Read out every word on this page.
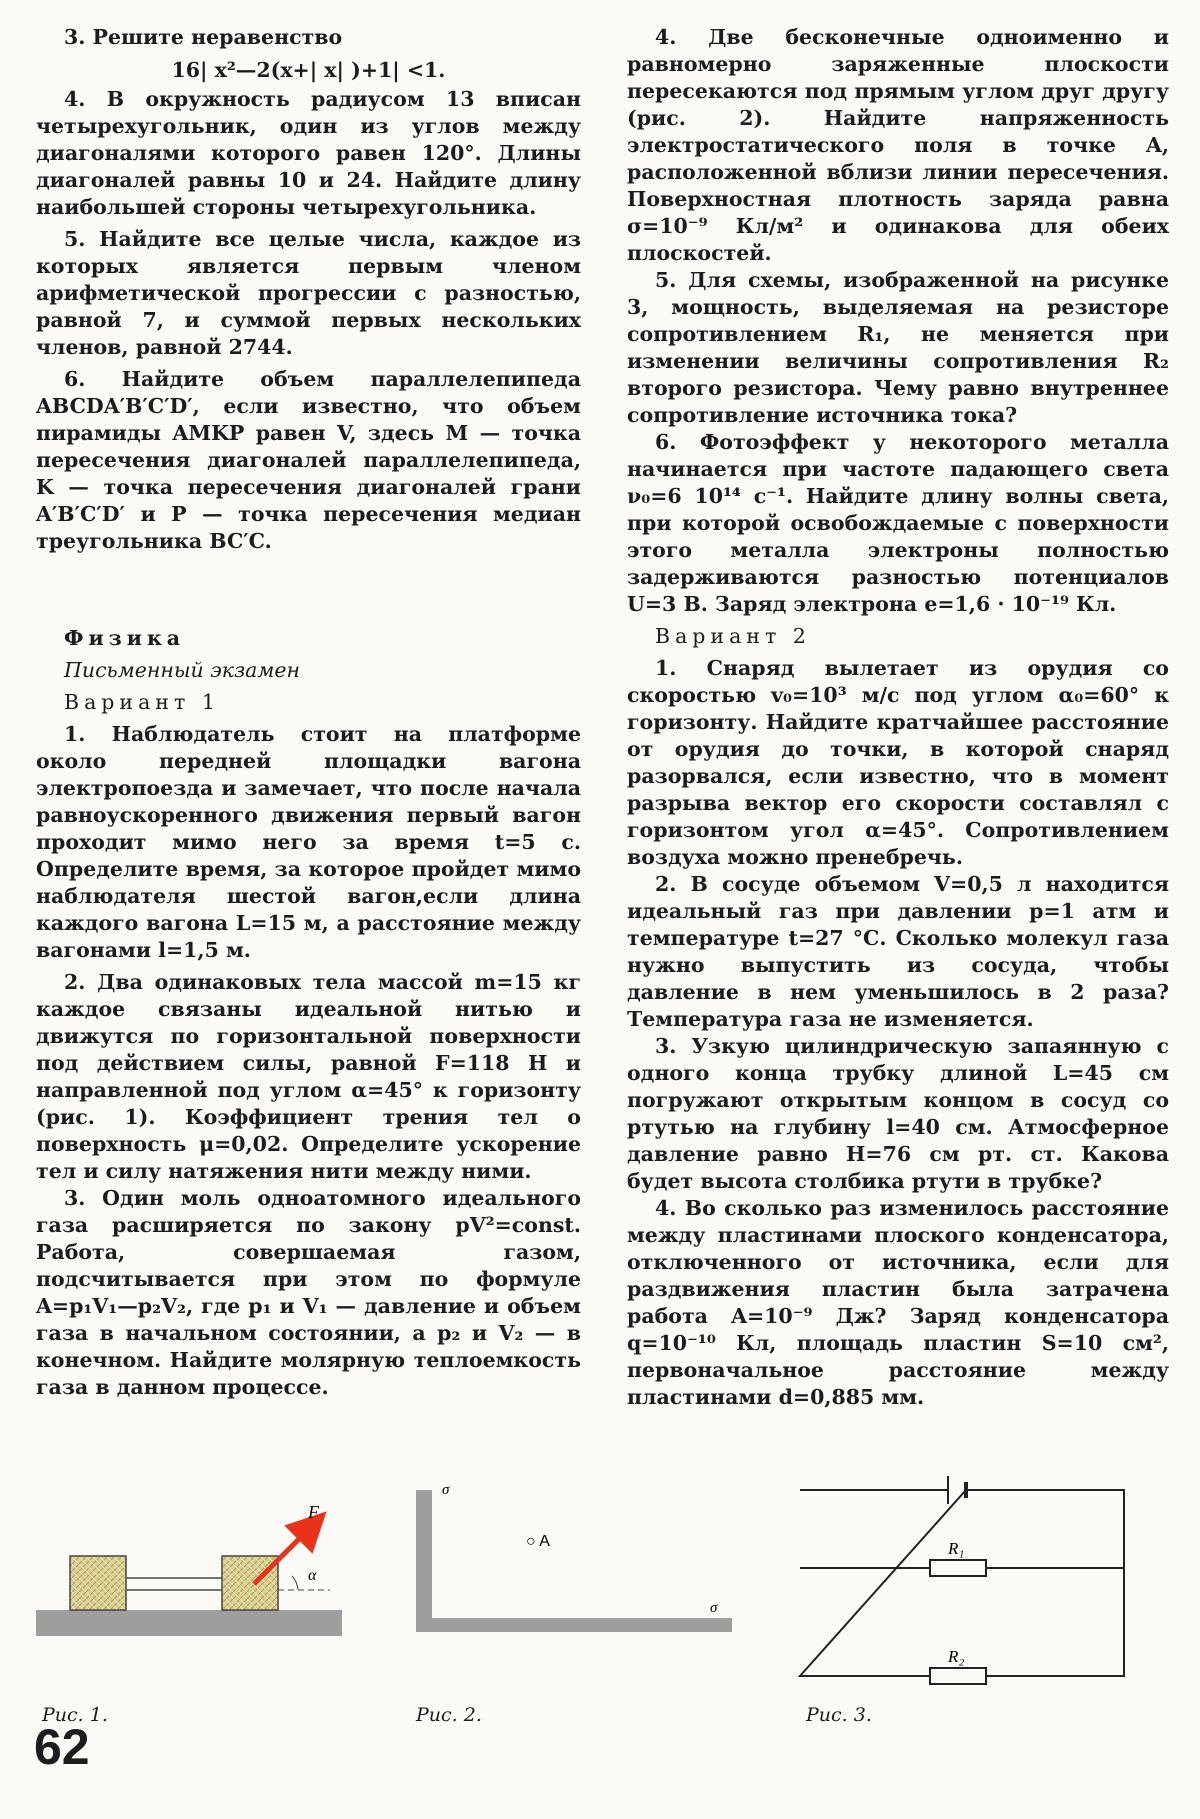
3. Решите неравенство

16| x²—2(x+| x| )+1| <1.

4. В окружность радиусом 13 вписан четырехугольник, один из углов между диагоналями которого равен 120°. Длины диагоналей равны 10 и 24. Найдите длину наибольшей стороны четырехугольника.

5. Найдите все целые числа, каждое из которых является первым членом арифметической прогрессии с разностью, равной 7, и суммой первых нескольких членов, равной 2744.

6. Найдите объем параллелепипеда ABCDA′B′C′D′, если известно, что объем пирамиды AMKP равен V, здесь M — точка пересечения диагоналей параллелепипеда, K — точка пересечения диагоналей грани A′B′C′D′ и P — точка пересечения медиан треугольника BC′C.

Физика

Письменный экзамен

Вариант 1

1. Наблюдатель стоит на платформе около передней площадки вагона электропоезда и замечает, что после начала равноускоренного движения первый вагон проходит мимо него за время t=5 с. Определите время, за которое пройдет мимо наблюдателя шестой вагон,если длина каждого вагона L=15 м, а расстояние между вагонами l=1,5 м.

2. Два одинаковых тела массой m=15 кг каждое связаны идеальной нитью и движутся по горизонтальной поверхности под действием силы, равной F=118 Н и направленной под углом α=45° к горизонту (рис. 1). Коэффициент трения тел о поверхность μ=0,02. Определите ускорение тел и силу натяжения нити между ними.

3. Один моль одноатомного идеального газа расширяется по закону pV²=const. Работа, совершаемая газом, подсчитывается при этом по формуле A=p₁V₁—p₂V₂, где p₁ и V₁ — давление и объем газа в начальном состоянии, а p₂ и V₂ — в конечном. Найдите молярную теплоемкость газа в данном процессе.

4. Две бесконечные одноименно и равномерно заряженные плоскости пересекаются под прямым углом друг другу (рис. 2). Найдите напряженность электростатического поля в точке A, расположенной вблизи линии пересечения. Поверхностная плотность заряда равна σ=10⁻⁹ Кл/м² и одинакова для обеих плоскостей.

5. Для схемы, изображенной на рисунке 3, мощность, выделяемая на резисторе сопротивлением R₁, не меняется при изменении величины сопротивления R₂ второго резистора. Чему равно внутреннее сопротивление источника тока?

6. Фотоэффект у некоторого металла начинается при частоте падающего света ν₀=6 10¹⁴ с⁻¹. Найдите длину волны света, при которой освобождаемые с поверхности этого металла электроны полностью задерживаются разностью потенциалов U=3 В. Заряд электрона e=1,6 · 10⁻¹⁹ Кл.

Вариант 2

1. Снаряд вылетает из орудия со скоростью v₀=10³ м/с под углом α₀=60° к горизонту. Найдите кратчайшее расстояние от орудия до точки, в которой снаряд разорвался, если известно, что в момент разрыва вектор его скорости составлял с горизонтом угол α=45°. Сопротивлением воздуха можно пренебречь.

2. В сосуде объемом V=0,5 л находится идеальный газ при давлении p=1 атм и температуре t=27 °С. Сколько молекул газа нужно выпустить из сосуда, чтобы давление в нем уменьшилось в 2 раза? Температура газа не изменяется.

3. Узкую цилиндрическую запаянную с одного конца трубку длиной L=45 см погружают открытым концом в сосуд со ртутью на глубину l=40 см. Атмосферное давление равно H=76 см рт. ст. Какова будет высота столбика ртути в трубке?

4. Во сколько раз изменилось расстояние между пластинами плоского конденсатора, отключенного от источника, если для раздвижения пластин была затрачена работа A=10⁻⁹ Дж? Заряд конденсатора q=10⁻¹⁰ Кл, площадь пластин S=10 см², первоначальное расстояние между пластинами d=0,885 мм.

F
α
Рис. 1.
σ
σ
○ A
Рис. 2.
R₁
R₂
Рис. 3.
62
